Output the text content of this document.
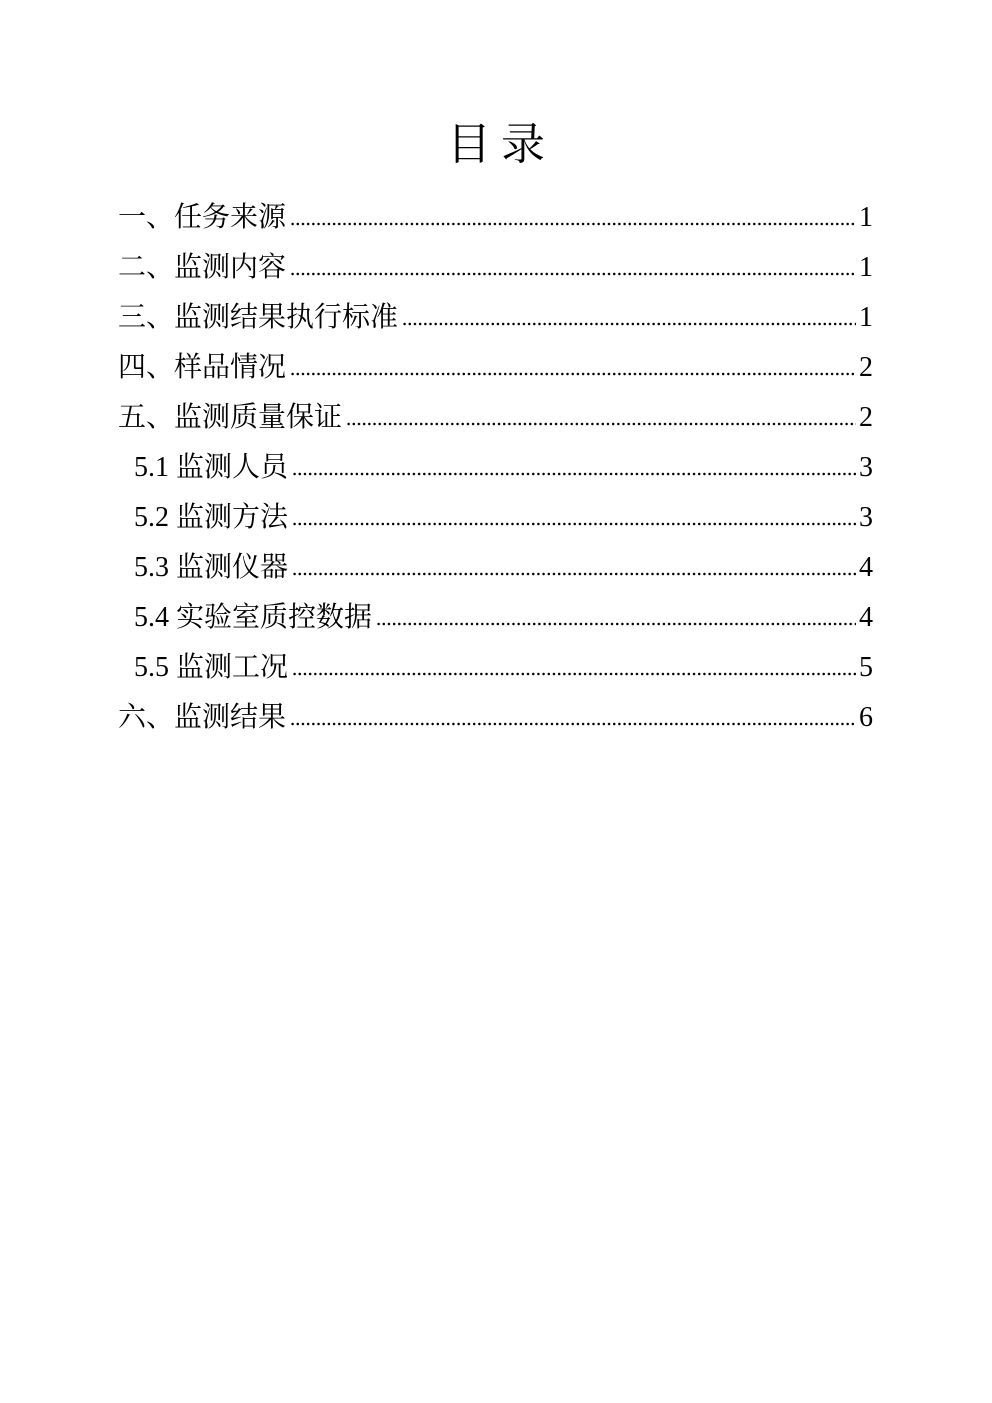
目录
一、任务来源	1
二、监测内容	1
三、监测结果执行标准	1
四、样品情况	2
五、监测质量保证	2
5.1 监测人员	3
5.2 监测方法	3
5.3 监测仪器	4
5.4 实验室质控数据	4
5.5 监测工况	5
六、监测结果	6
